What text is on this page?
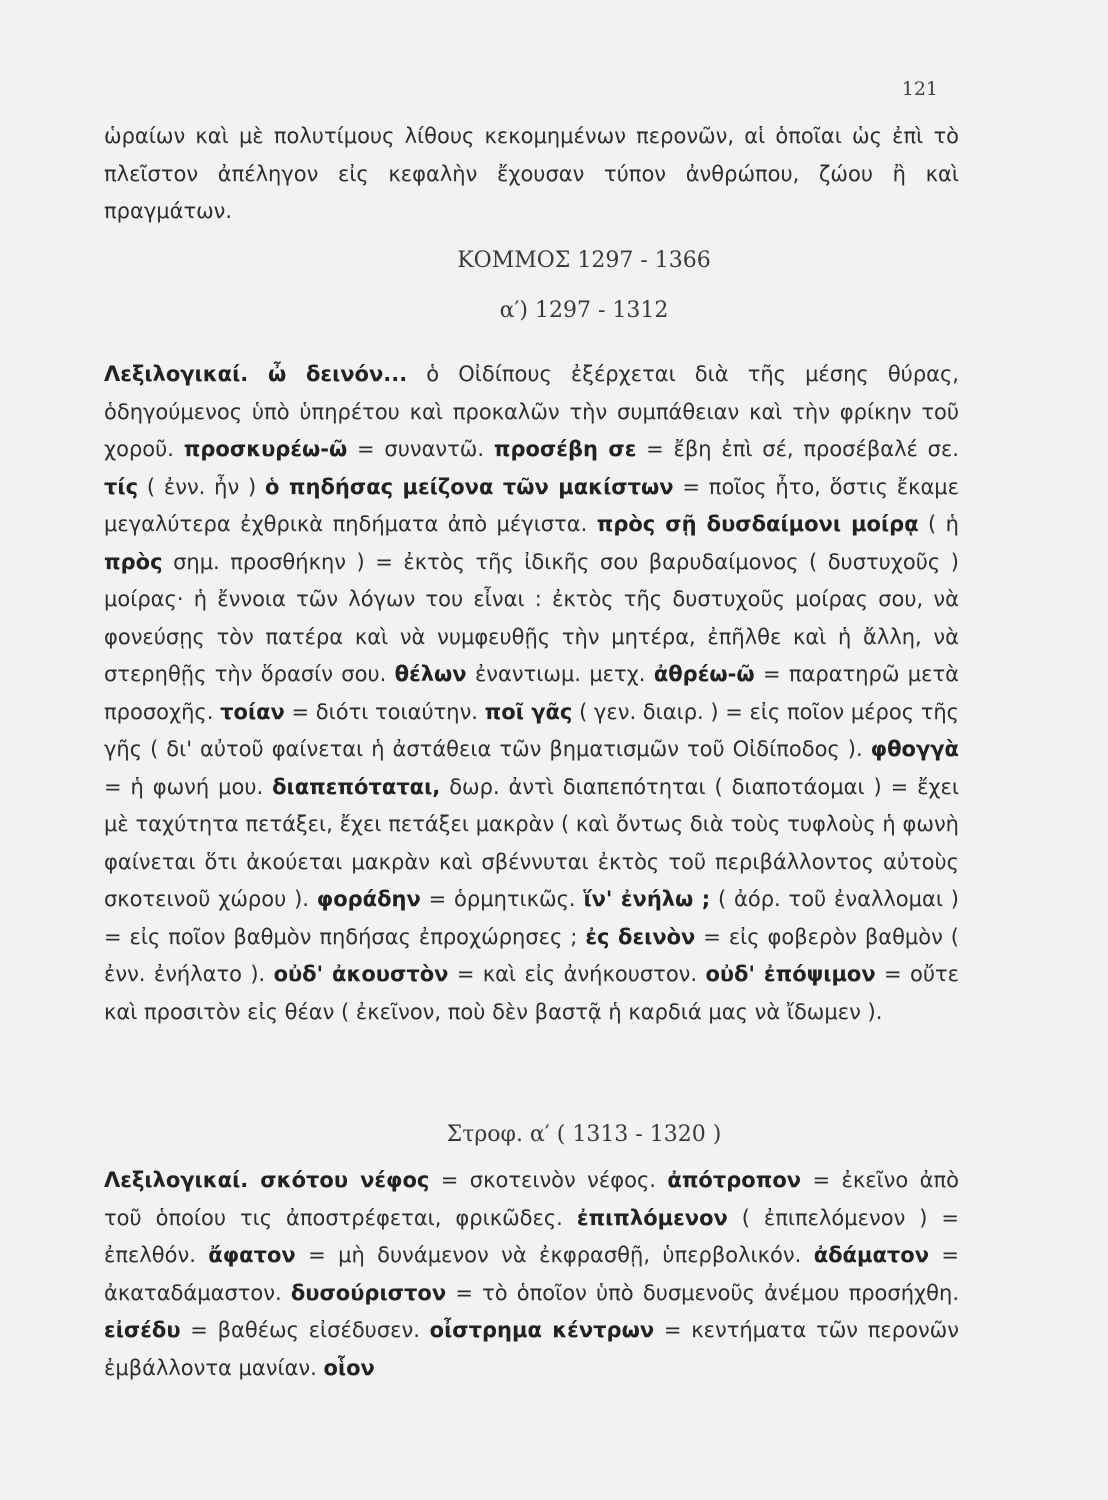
121

ὡραίων καὶ μὲ πολυτίμους λίθους κεκομημένων περονῶν, αἱ ὁποῖαι ὡς ἐπὶ τὸ πλεῖστον ἀπέληγον εἰς κεφαλὴν ἔχουσαν τύπον ἀνθρώπου, ζώου ἢ καὶ πραγμάτων.

ΚΟΜΜΟΣ 1297 - 1366
α′) 1297 - 1312

Λεξιλογικαί. ὦ δεινόν... ὁ Οἰδίπους ἐξέρχεται διὰ τῆς μέσης θύρας, ὁδηγούμενος ὑπὸ ὑπηρέτου καὶ προκαλῶν τὴν συμπάθειαν καὶ τὴν φρίκην τοῦ χοροῦ. προσκυρέω-ῶ = συναντῶ. προσέβη σε = ἔβη ἐπὶ σέ, προσέβαλέ σε. τίς ( ἐνν. ἦν ) ὁ πηδήσας μείζονα τῶν μακίστων = ποῖος ἦτο, ὅστις ἔκαμε μεγαλύτερα ἐχθρικὰ πηδήματα ἀπὸ μέγιστα. πρὸς σῇ δυσδαίμονι μοίρᾳ ( ἡ πρὸς σημ. προσθήκην ) = ἐκτὸς τῆς ἰδικῆς σου βαρυδαίμονος ( δυστυχοῦς ) μοίρας· ἡ ἔννοια τῶν λόγων του εἶναι : ἐκτὸς τῆς δυστυχοῦς μοίρας σου, νὰ φονεύσῃς τὸν πατέρα καὶ νὰ νυμφευθῇς τὴν μητέρα, ἐπῆλθε καὶ ἡ ἄλλη, νὰ στερηθῇς τὴν ὅρασίν σου. θέλων ἐναντιωμ. μετχ. ἀθρέω-ῶ = παρατηρῶ μετὰ προσοχῆς. τοίαν = διότι τοιαύτην. ποῖ γᾶς ( γεν. διαιρ. ) = εἰς ποῖον μέρος τῆς γῆς ( δι' αὐτοῦ φαίνεται ἡ ἀστάθεια τῶν βηματισμῶν τοῦ Οἰδίποδος ). φθογγὰ = ἡ φωνή μου. διαπεπόταται, δωρ. ἀντὶ διαπεπότηται ( διαποτάομαι ) = ἔχει μὲ ταχύτητα πετάξει, ἔχει πετάξει μακρὰν ( καὶ ὄντως διὰ τοὺς τυφλοὺς ἡ φωνὴ φαίνεται ὅτι ἀκούεται μακρὰν καὶ σβέννυται ἐκτὸς τοῦ περιβάλλοντος αὐτοὺς σκοτεινοῦ χώρου ). φοράδην = ὁρμητικῶς. ἵν' ἐνήλω ; ( ἀόρ. τοῦ ἐναλλομαι ) = εἰς ποῖον βαθμὸν πηδήσας ἐπροχώρησες ; ἐς δεινὸν = εἰς φοβερὸν βαθμὸν ( ἐνν. ἐνήλατο ). οὐδ' ἀκουστὸν = καὶ εἰς ἀνήκουστον. οὐδ' ἐπόψιμον = οὔτε καὶ προσιτὸν εἰς θέαν ( ἐκεῖνον, ποὺ δὲν βαστᾷ ἡ καρδιά μας νὰ ἴδωμεν ).

Στροφ. α′ ( 1313 - 1320 )

Λεξιλογικαί. σκότου νέφος = σκοτεινὸν νέφος. ἀπότροπον = ἐκεῖνο ἀπὸ τοῦ ὁποίου τις ἀποστρέφεται, φρικῶδες. ἐπιπλόμενον ( ἐπιπελόμενον ) = ἐπελθόν. ἄφατον = μὴ δυνάμενον νὰ ἐκφρασθῇ, ὑπερβολικόν. ἀδάματον = ἀκαταδάμαστον. δυσούριστον = τὸ ὁποῖον ὑπὸ δυσμενοῦς ἀνέμου προσήχθη. εἰσέδυ = βαθέως εἰσέδυσεν. οἶστρημα κέντρων = κεντήματα τῶν περονῶν ἐμβάλλοντα μανίαν. οἷον
